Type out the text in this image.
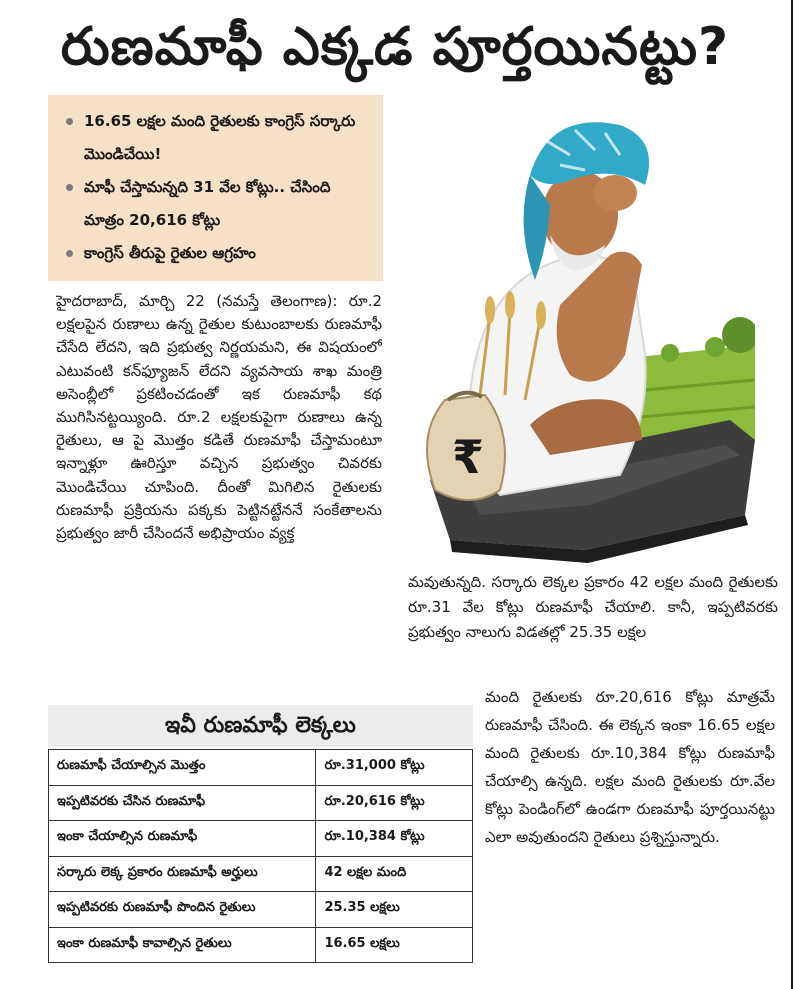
రుణమాఫీ ఎక్కడ పూర్తయినట్టు?
16.65 లక్షల మంది రైతులకు కాంగ్రెస్ సర్కారు మొండిచేయి!
మాఫీ చేస్తామన్నది 31 వేల కోట్లు.. చేసింది మాత్రం 20,616 కోట్లు
కాంగ్రెస్ తీరుపై రైతుల ఆగ్రహం
₹
హైదరాబాద్, మార్చి 22 (నమస్తే తెలంగాణ): రూ.2 లక్షలపైన రుణాలు ఉన్న రైతుల కుటుంబాలకు రుణమాఫీ చేసేది లేదని, ఇది ప్రభుత్వ నిర్ణయమని, ఈ విషయంలో ఎటువంటి కన్‌ఫ్యూజన్ లేదని వ్యవసాయ శాఖ మంత్రి అసెంబ్లీలో ప్రకటించడంతో ఇక రుణమాఫీ కథ ముగిసినట్టయ్యింది. రూ.2 లక్షలకుపైగా రుణాలు ఉన్న రైతులు, ఆ పై మొత్తం కడితే రుణమాఫీ చేస్తామంటూ ఇన్నాళ్లూ ఊరిస్తూ వచ్చిన ప్రభుత్వం చివరకు మొండిచేయి చూపింది. దీంతో మిగిలిన రైతులకు రుణమాఫీ ప్రక్రియను పక్కకు పెట్టినట్టేననే సంకేతాలను ప్రభుత్వం జారీ చేసిందనే అభిప్రాయం వ్యక్త
మవుతున్నది. సర్కారు లెక్కల ప్రకారం 42 లక్షల మంది రైతులకు రూ.31 వేల కోట్లు రుణమాఫీ చేయాలి. కానీ, ఇప్పటివరకు ప్రభుత్వం నాలుగు విడతల్లో 25.35 లక్షల
మంది రైతులకు రూ.20,616 కోట్లు మాత్రమే రుణమాఫీ చేసింది. ఈ లెక్కన ఇంకా 16.65 లక్షల మంది రైతులకు రూ.10,384 కోట్లు రుణమాఫీ చేయాల్సి ఉన్నది. లక్షల మంది రైతులకు రూ.వేల కోట్లు పెండింగ్‌లో ఉండగా రుణమాఫీ పూర్తయినట్టు ఎలా అవుతుందని రైతులు ప్రశ్నిస్తున్నారు.
ఇవీ రుణమాఫీ లెక్కలు
రుణమాఫీ చేయాల్సిన మొత్తం	రూ.31,000 కోట్లు
ఇప్పటివరకు చేసిన రుణమాఫీ	రూ.20,616 కోట్లు
ఇంకా చేయాల్సిన రుణమాఫీ	రూ.10,384 కోట్లు
సర్కారు లెక్క ప్రకారం రుణమాఫీ అర్హులు	42 లక్షల మంది
ఇప్పటివరకు రుణమాఫీ పొందిన రైతులు	25.35 లక్షలు
ఇంకా రుణమాఫీ కావాల్సిన రైతులు	16.65 లక్షలు
